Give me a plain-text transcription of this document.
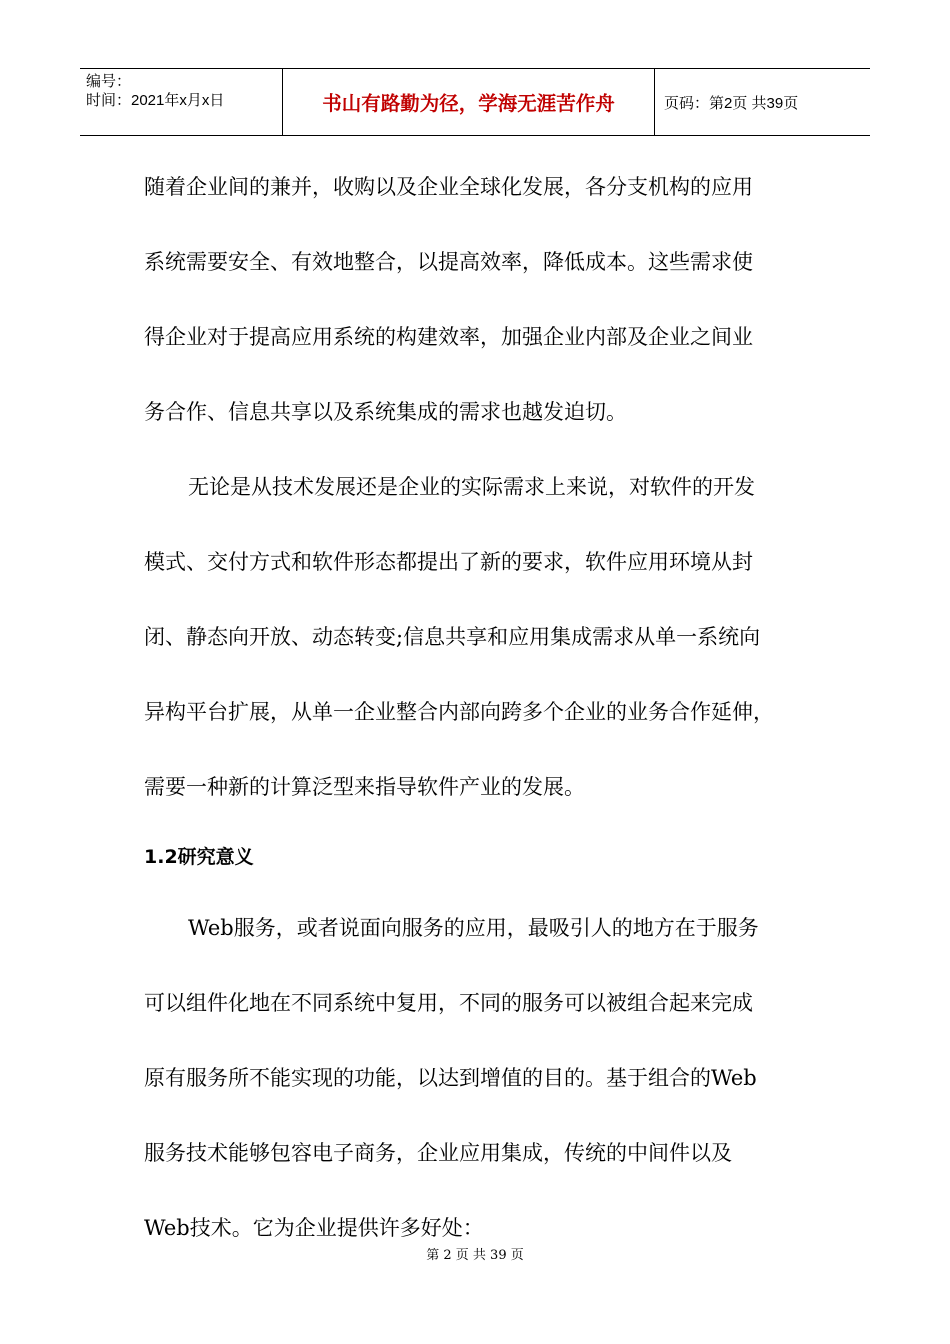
编号：
时间：2021年x月x日	书山有路勤为径，学海无涯苦作舟	页码：第2页 共39页
随着企业间的兼并，收购以及企业全球化发展，各分支机构的应用
系统需要安全、有效地整合，以提高效率，降低成本。这些需求使
得企业对于提高应用系统的构建效率，加强企业内部及企业之间业
务合作、信息共享以及系统集成的需求也越发迫切。
无论是从技术发展还是企业的实际需求上来说，对软件的开发
模式、交付方式和软件形态都提出了新的要求，软件应用环境从封
闭、静态向开放、动态转变;信息共享和应用集成需求从单一系统向
异构平台扩展，从单一企业整合内部向跨多个企业的业务合作延伸，
需要一种新的计算泛型来指导软件产业的发展。
1.2研究意义
Web服务，或者说面向服务的应用，最吸引人的地方在于服务
可以组件化地在不同系统中复用，不同的服务可以被组合起来完成
原有服务所不能实现的功能，以达到增值的目的。基于组合的Web
服务技术能够包容电子商务，企业应用集成，传统的中间件以及
Web技术。它为企业提供许多好处：
第 2 页 共 39 页
